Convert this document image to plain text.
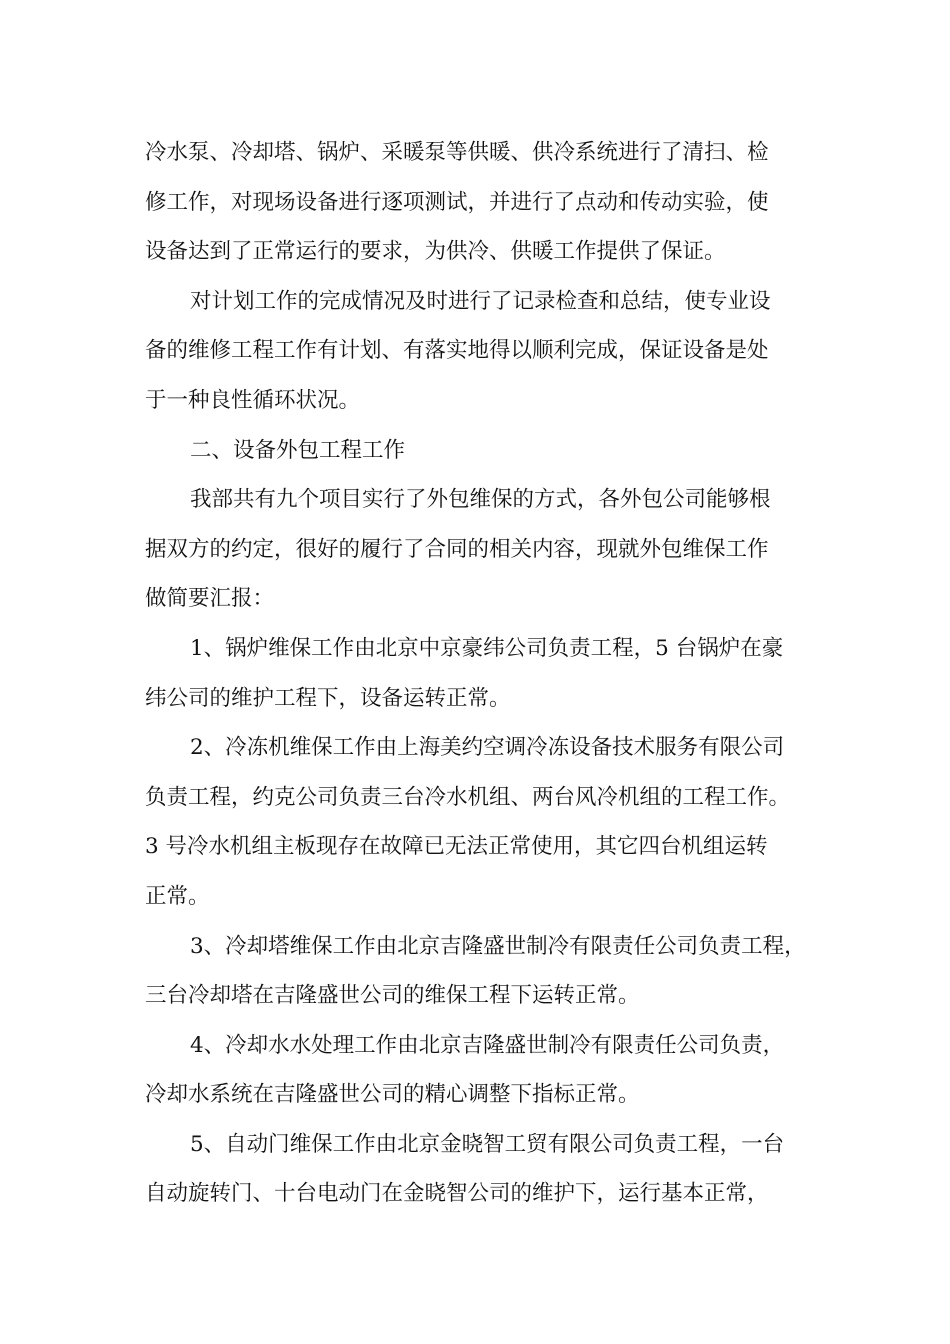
冷水泵、冷却塔、锅炉、采暖泵等供暖、供冷系统进行了清扫、检
修工作，对现场设备进行逐项测试，并进行了点动和传动实验，使
设备达到了正常运行的要求，为供冷、供暖工作提供了保证。
对计划工作的完成情况及时进行了记录检查和总结，使专业设
备的维修工程工作有计划、有落实地得以顺利完成，保证设备是处
于一种良性循环状况。
二、设备外包工程工作
我部共有九个项目实行了外包维保的方式，各外包公司能够根
据双方的约定，很好的履行了合同的相关内容，现就外包维保工作
做简要汇报：
1、锅炉维保工作由北京中京豪纬公司负责工程，5 台锅炉在豪
纬公司的维护工程下，设备运转正常。
2、冷冻机维保工作由上海美约空调冷冻设备技术服务有限公司
负责工程，约克公司负责三台冷水机组、两台风冷机组的工程工作。
3 号冷水机组主板现存在故障已无法正常使用，其它四台机组运转
正常。
3、冷却塔维保工作由北京吉隆盛世制冷有限责任公司负责工程，
三台冷却塔在吉隆盛世公司的维保工程下运转正常。
4、冷却水水处理工作由北京吉隆盛世制冷有限责任公司负责，
冷却水系统在吉隆盛世公司的精心调整下指标正常。
5、自动门维保工作由北京金晓智工贸有限公司负责工程，一台
自动旋转门、十台电动门在金晓智公司的维护下，运行基本正常，
